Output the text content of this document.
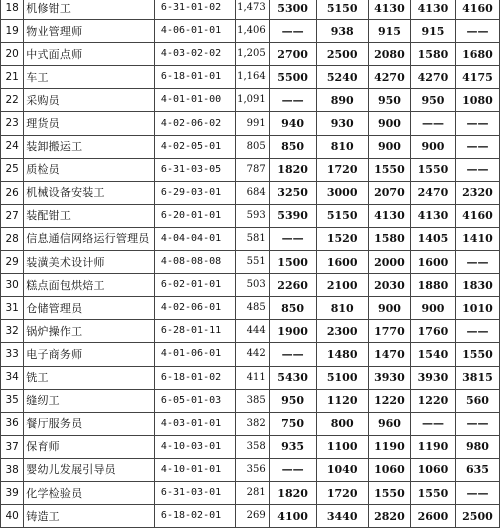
18	机修钳工	6-31-01-02	1,473	5300	5150	4130	4130	4160
19	物业管理师	4-06-01-01	1,406	——	938	915	915	——
20	中式面点师	4-03-02-02	1,205	2700	2500	2080	1580	1680
21	车工	6-18-01-01	1,164	5500	5240	4270	4270	4175
22	采购员	4-01-01-00	1,091	——	890	950	950	1080
23	理货员	4-02-06-02	991	940	930	900	——	——
24	装卸搬运工	4-02-05-01	805	850	810	900	900	——
25	质检员	6-31-03-05	787	1820	1720	1550	1550	——
26	机械设备安装工	6-29-03-01	684	3250	3000	2070	2470	2320
27	装配钳工	6-20-01-01	593	5390	5150	4130	4130	4160
28	信息通信网络运行管理员	4-04-04-01	581	——	1520	1580	1405	1410
29	装潢美术设计师	4-08-08-08	551	1500	1600	2000	1600	——
30	糕点面包烘焙工	6-02-01-01	503	2260	2100	2030	1880	1830
31	仓储管理员	4-02-06-01	485	850	810	900	900	1010
32	锅炉操作工	6-28-01-11	444	1900	2300	1770	1760	——
33	电子商务师	4-01-06-01	442	——	1480	1470	1540	1550
34	铣工	6-18-01-02	411	5430	5100	3930	3930	3815
35	缝纫工	6-05-01-03	385	950	1120	1220	1220	560
36	餐厅服务员	4-03-01-01	382	750	800	960	——	——
37	保育师	4-10-03-01	358	935	1100	1190	1190	980
38	婴幼儿发展引导员	4-10-01-01	356	——	1040	1060	1060	635
39	化学检验员	6-31-03-01	281	1820	1720	1550	1550	——
40	铸造工	6-18-02-01	269	4100	3440	2820	2600	2500
